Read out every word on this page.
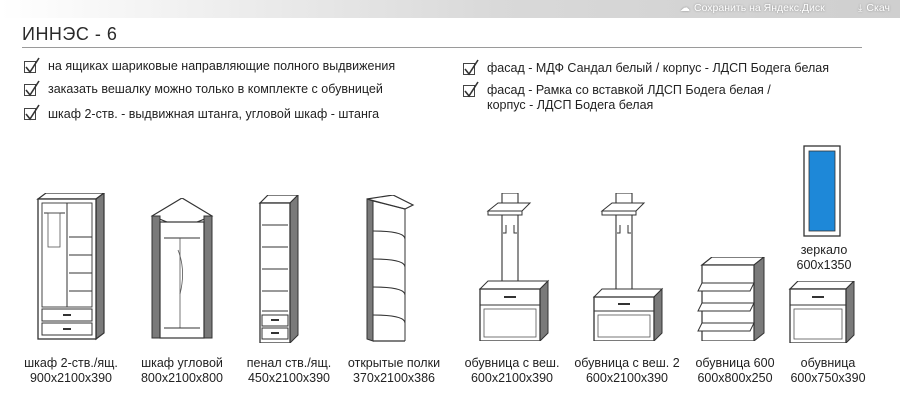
☁ Сохранить на Яндекс.Диск	⤓ Скач
ИННЭС - 6
на ящиках шариковые направляющие полного выдвижения
заказать вешалку можно только в комплекте с обувницей
шкаф 2-ств. - выдвижная штанга, угловой шкаф - штанга
фасад - МДФ Сандал белый / корпус - ЛДСП Бодега белая
фасад - Рамка со вставкой ЛДСП Бодега белая /
корпус - ЛДСП Бодега белая
шкаф 2-ств./ящ.
900x2100x390
шкаф угловой
800x2100x800
пенал ств./ящ.
450x2100x390
открытые полки
370x2100x386
обувница с веш.
600x2100x390
обувница с веш. 2
600x2100x390
обувница 600
600x800x250
обувница
600x750x390
зеркало
600x1350
